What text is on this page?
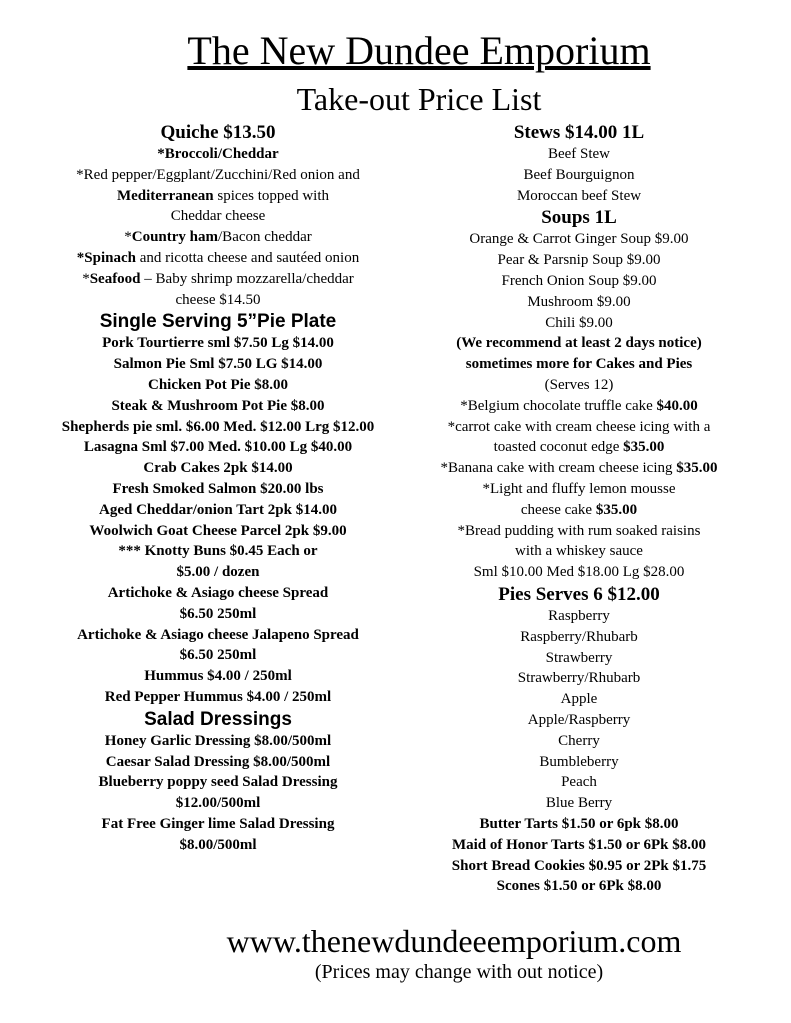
The New Dundee Emporium
Take-out Price List
Quiche $13.50
*Broccoli/Cheddar
*Red pepper/Eggplant/Zucchini/Red onion and
Mediterranean spices topped with
Cheddar cheese
*Country ham/Bacon cheddar
*Spinach and ricotta cheese and sautéed onion
*Seafood – Baby shrimp mozzarella/cheddar
cheese $14.50
Single Serving 5”Pie Plate
Pork Tourtierre sml $7.50 Lg $14.00
Salmon Pie Sml $7.50 LG $14.00
Chicken Pot Pie $8.00
Steak & Mushroom Pot Pie $8.00
Shepherds pie sml. $6.00 Med. $12.00 Lrg $12.00
Lasagna Sml $7.00 Med. $10.00 Lg $40.00
Crab Cakes 2pk $14.00
Fresh Smoked Salmon $20.00 lbs
Aged Cheddar/onion Tart 2pk $14.00
Woolwich Goat Cheese Parcel 2pk $9.00
*** Knotty Buns $0.45 Each or
$5.00 / dozen
Artichoke & Asiago cheese Spread
$6.50 250ml
Artichoke & Asiago cheese Jalapeno Spread
$6.50 250ml
Hummus $4.00 / 250ml
Red Pepper Hummus $4.00 / 250ml
Salad Dressings
Honey Garlic Dressing $8.00/500ml
Caesar Salad Dressing $8.00/500ml
Blueberry poppy seed Salad Dressing
$12.00/500ml
Fat Free Ginger lime Salad Dressing
$8.00/500ml
Stews $14.00 1L
Beef Stew
Beef Bourguignon
Moroccan beef Stew
Soups 1L
Orange & Carrot Ginger Soup $9.00
Pear & Parsnip Soup $9.00
French Onion Soup $9.00
Mushroom $9.00
Chili $9.00
(We recommend at least 2 days notice)
sometimes more for Cakes and Pies
(Serves 12)
*Belgium chocolate truffle cake $40.00
*carrot cake with cream cheese icing with a
toasted coconut edge $35.00
*Banana cake with cream cheese icing $35.00
*Light and fluffy lemon mousse
cheese cake $35.00
*Bread pudding with rum soaked raisins
with a whiskey sauce
Sml $10.00 Med $18.00 Lg $28.00
Pies Serves 6 $12.00
Raspberry
Raspberry/Rhubarb
Strawberry
Strawberry/Rhubarb
Apple
Apple/Raspberry
Cherry
Bumbleberry
Peach
Blue Berry
Butter Tarts $1.50 or 6pk $8.00
Maid of Honor Tarts $1.50 or 6Pk $8.00
Short Bread Cookies $0.95 or 2Pk $1.75
Scones $1.50 or 6Pk $8.00
www.thenewdundeeemporium.com
(Prices may change with out notice)
